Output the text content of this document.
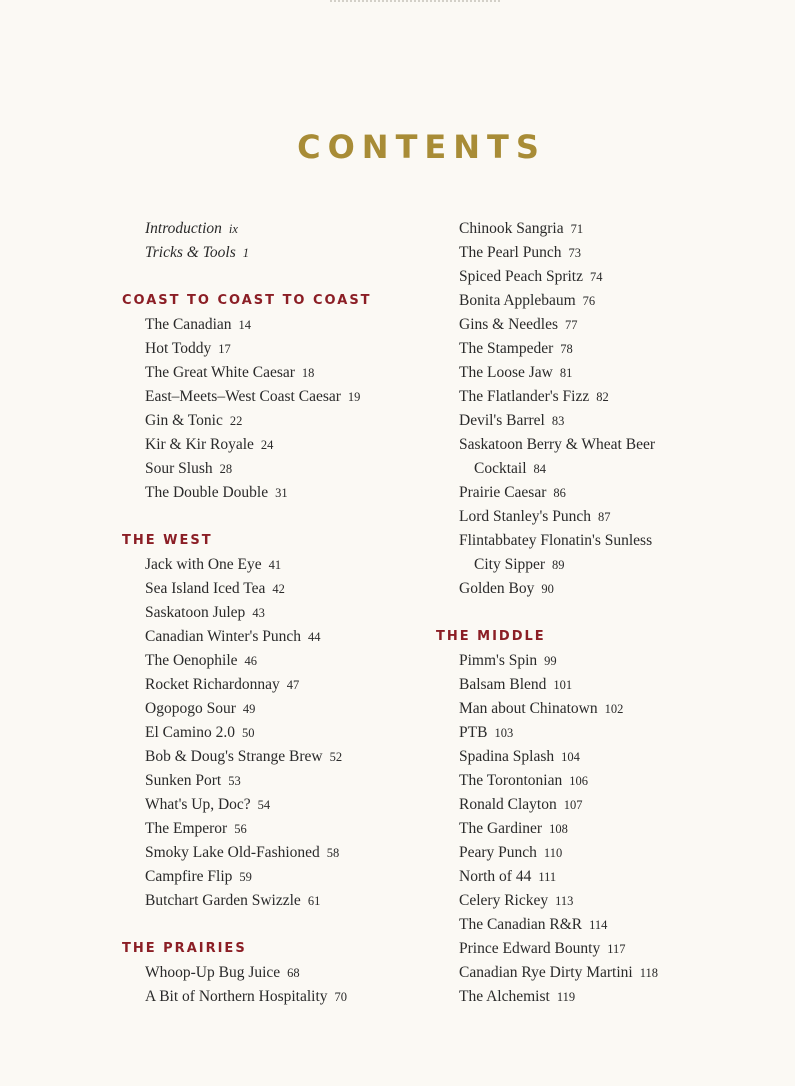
CONTENTS
Introduction ix
Tricks & Tools 1
COAST TO COAST TO COAST
The Canadian 14
Hot Toddy 17
The Great White Caesar 18
East–Meets–West Coast Caesar 19
Gin & Tonic 22
Kir & Kir Royale 24
Sour Slush 28
The Double Double 31
THE WEST
Jack with One Eye 41
Sea Island Iced Tea 42
Saskatoon Julep 43
Canadian Winter's Punch 44
The Oenophile 46
Rocket Richardonnay 47
Ogopogo Sour 49
El Camino 2.0 50
Bob & Doug's Strange Brew 52
Sunken Port 53
What's Up, Doc? 54
The Emperor 56
Smoky Lake Old-Fashioned 58
Campfire Flip 59
Butchart Garden Swizzle 61
THE PRAIRIES
Whoop-Up Bug Juice 68
A Bit of Northern Hospitality 70
Chinook Sangria 71
The Pearl Punch 73
Spiced Peach Spritz 74
Bonita Applebaum 76
Gins & Needles 77
The Stampeder 78
The Loose Jaw 81
The Flatlander's Fizz 82
Devil's Barrel 83
Saskatoon Berry & Wheat Beer
Cocktail 84
Prairie Caesar 86
Lord Stanley's Punch 87
Flintabbatey Flonatin's Sunless
City Sipper 89
Golden Boy 90
THE MIDDLE
Pimm's Spin 99
Balsam Blend 101
Man about Chinatown 102
PTB 103
Spadina Splash 104
The Torontonian 106
Ronald Clayton 107
The Gardiner 108
Peary Punch 110
North of 44 111
Celery Rickey 113
The Canadian R&R 114
Prince Edward Bounty 117
Canadian Rye Dirty Martini 118
The Alchemist 119
